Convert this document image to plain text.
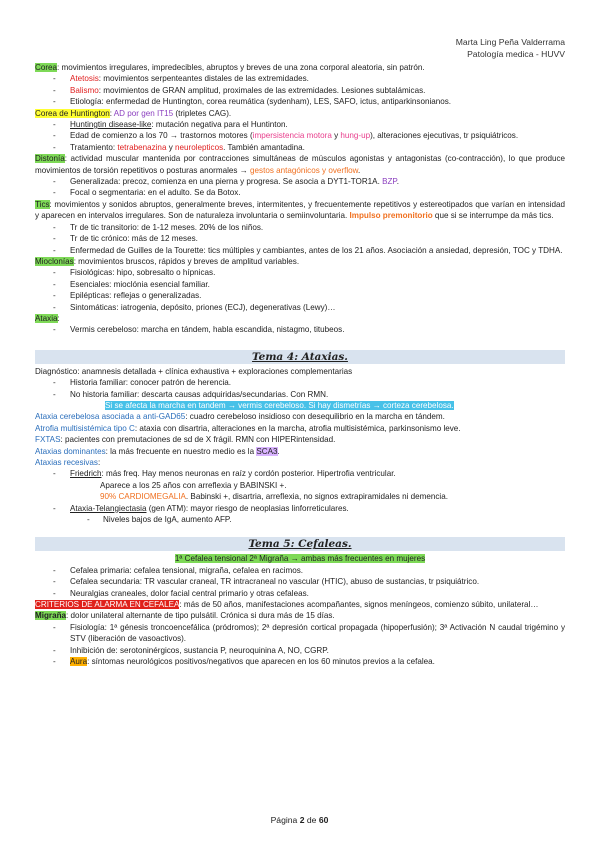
Marta Ling Peña Valderrama
Patología medica - HUVV
Corea: movimientos irregulares, impredecibles, abruptos y breves de una zona corporal aleatoria, sin patrón.
- Atetosis: movimientos serpenteantes distales de las extremidades.
- Balismo: movimientos de GRAN amplitud, proximales de las extremidades. Lesiones subtalámicas.
- Etiología: enfermedad de Huntington, corea reumática (sydenham), LES, SAFO, ictus, antiparkinsonianos.
Corea de Huntington: AD por gen IT15 (tripletes CAG).
- Huntingtin disease-like: mutación negativa para el Huntinton.
- Edad de comienzo a los 70 → trastornos motores (impersistencia motora y hung-up), alteraciones ejecutivas, tr psiquiátricos.
- Tratamiento: tetrabenazina y neurolepticos. También amantadina.
Distonía: actividad muscular mantenida por contracciones simultáneas de músculos agonistas y antagonistas (co-contracción), lo que produce movimientos de torsión repetitivos o posturas anormales → gestos antagónicos y overflow.
- Generalizada: precoz, comienza en una pierna y progresa. Se asocia a DYT1-TOR1A. BZP.
- Focal o segmentaria: en el adulto. Se da Botox.
Tics: movimientos y sonidos abruptos, generalmente breves, intermitentes, y frecuentemente repetitivos y estereotipados que varían en intensidad y aparecen en intervalos irregulares. Son de naturaleza involuntaria o semiinvoluntaria. Impulso premonitorio que si se interrumpe da más tics.
- Tr de tic transitorio: de 1-12 meses. 20% de los niños.
- Tr de tic crónico: más de 12 meses.
- Enfermedad de Guilles de la Tourette: tics múltiples y cambiantes, antes de los 21 años. Asociación a ansiedad, depresión, TOC y TDHA.
Mioclonías: movimientos bruscos, rápidos y breves de amplitud variables.
- Fisiológicas: hipo, sobresalto o hípnicas.
- Esenciales: mioclónia esencial familiar.
- Epilépticas: reflejas o generalizadas.
- Sintomáticas: iatrogenia, depósito, priones (ECJ), degenerativas (Lewy)…
Ataxia:
- Vermis cerebeloso: marcha en tándem, habla escandida, nistagmo, titubeos.
Tema 4: Ataxias.
Diagnóstico: anamnesis detallada + clínica exhaustiva + exploraciones complementarias
- Historia familiar: conocer patrón de herencia.
- No historia familiar: descarta causas adquiridas/secundarias. Con RMN.
Si se afecta la marcha en tandem → vermis cerebeloso. Si hay dismetrías → corteza cerebelosa.
Ataxia cerebelosa asociada a anti-GAD65: cuadro cerebeloso insidioso con desequilibrio en la marcha en tándem.
Atrofia multisistémica tipo C: ataxia con disartria, alteraciones en la marcha, atrofia multisistémica, parkinsonismo leve.
FXTAS: pacientes con premutaciones de sd de X frágil. RMN con HIPERintensidad.
Ataxias dominantes: la más frecuente en nuestro medio es la SCA3.
Ataxias recesivas:
- Friedrich: más freq. Hay menos neuronas en raíz y cordón posterior. Hipertrofia ventricular.
Aparece a los 25 años con arreflexia y BABINSKI +.
90% CARDIOMEGALIA. Babinski +, disartria, arreflexia, no signos extrapiramidales ni demencia.
- Ataxia-Telangiectasia (gen ATM): mayor riesgo de neoplasias linforreticulares.
- Niveles bajos de IgA, aumento AFP.
Tema 5: Cefaleas.
1ª Cefalea tensional 2ª Migraña → ambas más frecuentes en mujeres
- Cefalea primaria: cefalea tensional, migraña, cefalea en racimos.
- Cefalea secundaria: TR vascular craneal, TR intracraneal no vascular (HTIC), abuso de sustancias, tr psiquiátrico.
- Neuralgias craneales, dolor facial central primario y otras cefaleas.
CRITERIOS DE ALARMA EN CEFALEA: más de 50 años, manifestaciones acompañantes, signos meníngeos, comienzo súbito, unilateral…
Migraña: dolor unilateral alternante de tipo pulsátil. Crónica si dura más de 15 días.
- Fisiología: 1ª génesis troncoencefálica (pródromos); 2ª depresión cortical propagada (hipoperfusión); 3ª Activación N caudal trigémino y STV (liberación de vasoactivos).
- Inhibición de: serotoninérgicos, sustancia P, neuroquinina A, NO, CGRP.
- Aura: síntomas neurológicos positivos/negativos que aparecen en los 60 minutos previos a la cefalea.
Página 2 de 60
